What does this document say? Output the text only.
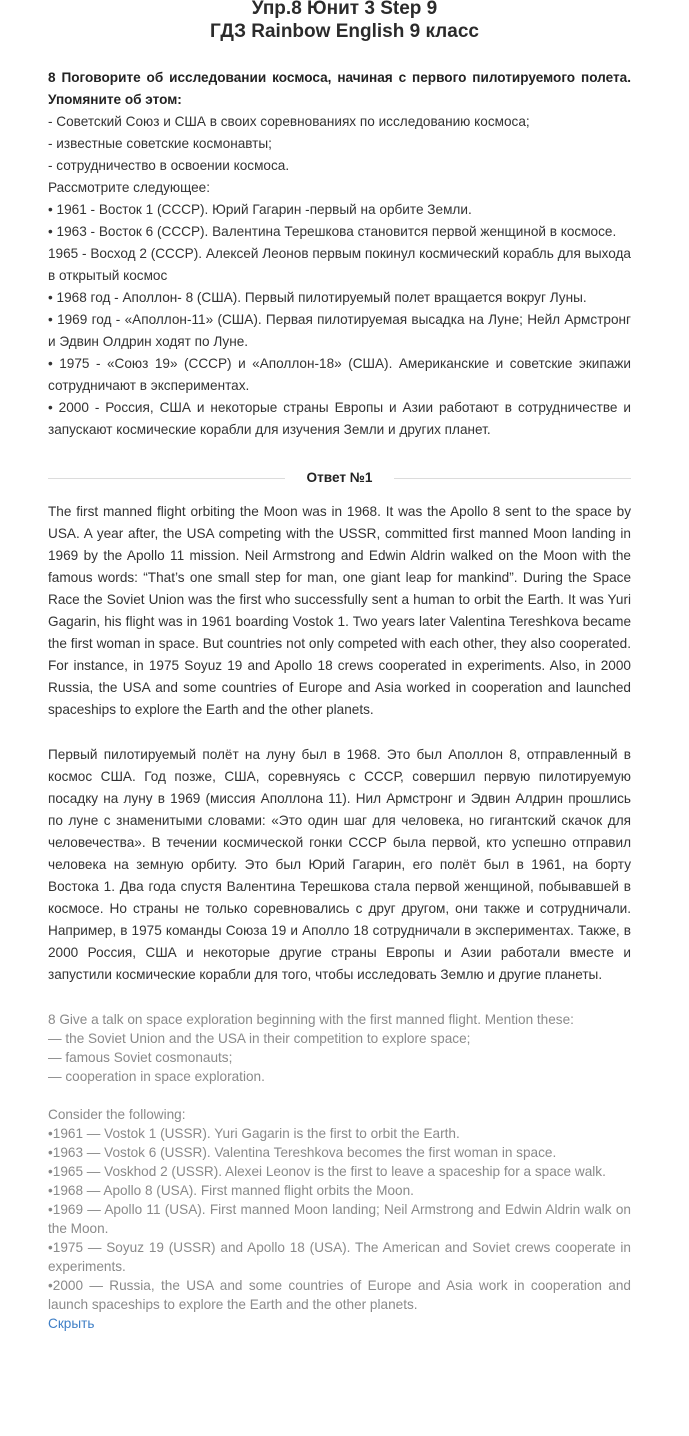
Упр.8 Юнит 3 Step 9
ГДЗ Rainbow English 9 класс

8 Поговорите об исследовании космоса, начиная с первого пилотируемого полета. Упомяните об этом:

- Советский Союз и США в своих соревнованиях по исследованию космоса;

- известные советские космонавты;

- сотрудничество в освоении космоса.

Рассмотрите следующее:

• 1961 - Восток 1 (СССР). Юрий Гагарин -первый на орбите Земли.

• 1963 - Восток 6 (СССР). Валентина Терешкова становится первой женщиной в космосе.

1965 - Восход 2 (СССР). Алексей Леонов первым покинул космический корабль для выхода в открытый космос

• 1968 год - Аполлон- 8 (США). Первый пилотируемый полет вращается вокруг Луны.

• 1969 год - «Аполлон-11» (США). Первая пилотируемая высадка на Луне; Нейл Армстронг и Эдвин Олдрин ходят по Луне.

• 1975 - «Союз 19» (СССР) и «Аполлон-18» (США). Американские и советские экипажи сотрудничают в экспериментах.

• 2000 - Россия, США и некоторые страны Европы и Азии работают в сотрудничестве и запускают космические корабли для изучения Земли и других планет.

Ответ №1

The first manned flight orbiting the Moon was in 1968. It was the Apollo 8 sent to the space by USA. A year after, the USA competing with the USSR, committed first manned Moon landing in 1969 by the Apollo 11 mission. Neil Armstrong and Edwin Aldrin walked on the Moon with the famous words: “That’s one small step for man, one giant leap for mankind”. During the Space Race the Soviet Union was the first who successfully sent a human to orbit the Earth. It was Yuri Gagarin, his flight was in 1961 boarding Vostok 1. Two years later Valentina Tereshkova became the first woman in space. But countries not only competed with each other, they also cooperated. For instance, in 1975 Soyuz 19 and Apollo 18 crews cooperated in experiments. Also, in 2000 Russia, the USA and some countries of Europe and Asia worked in cooperation and launched spaceships to explore the Earth and the other planets.

Первый пилотируемый полёт на луну был в 1968. Это был Аполлон 8, отправленный в космос США. Год позже, США, соревнуясь с СССР, совершил первую пилотируемую посадку на луну в 1969 (миссия Аполлона 11). Нил Армстронг и Эдвин Алдрин прошлись по луне с знаменитыми словами: «Это один шаг для человека, но гигантский скачок для человечества». В течении космической гонки СССР была первой, кто успешно отправил человека на земную орбиту. Это был Юрий Гагарин, его полёт был в 1961, на борту Востока 1. Два года спустя Валентина Терешкова стала первой женщиной, побывавшей в космосе. Но страны не только соревновались с друг другом, они также и сотрудничали. Например, в 1975 команды Союза 19 и Аполло 18 сотрудничали в экспериментах. Также, в 2000 Россия, США и некоторые другие страны Европы и Азии работали вместе и запустили космические корабли для того, чтобы исследовать Землю и другие планеты.

8 Give a talk on space exploration beginning with the first manned flight. Mention these:

— the Soviet Union and the USA in their competition to explore space;

— famous Soviet cosmonauts;

— cooperation in space exploration.

Consider the following:

•1961 — Vostok 1 (USSR). Yuri Gagarin is the first to orbit the Earth.

•1963 — Vostok 6 (USSR). Valentina Tereshkova becomes the first woman in space.

•1965 — Voskhod 2 (USSR). Alexei Leonov is the first to leave a spaceship for a space walk.

•1968 — Apollo 8 (USA). First manned flight orbits the Moon.

•1969 — Apollo 11 (USA). First manned Moon landing; Neil Armstrong and Edwin Aldrin walk on the Moon.

•1975 — Soyuz 19 (USSR) and Apollo 18 (USA). The American and Soviet crews cooperate in experiments.

•2000 — Russia, the USA and some countries of Europe and Asia work in cooperation and launch spaceships to explore the Earth and the other planets.

Скрыть
